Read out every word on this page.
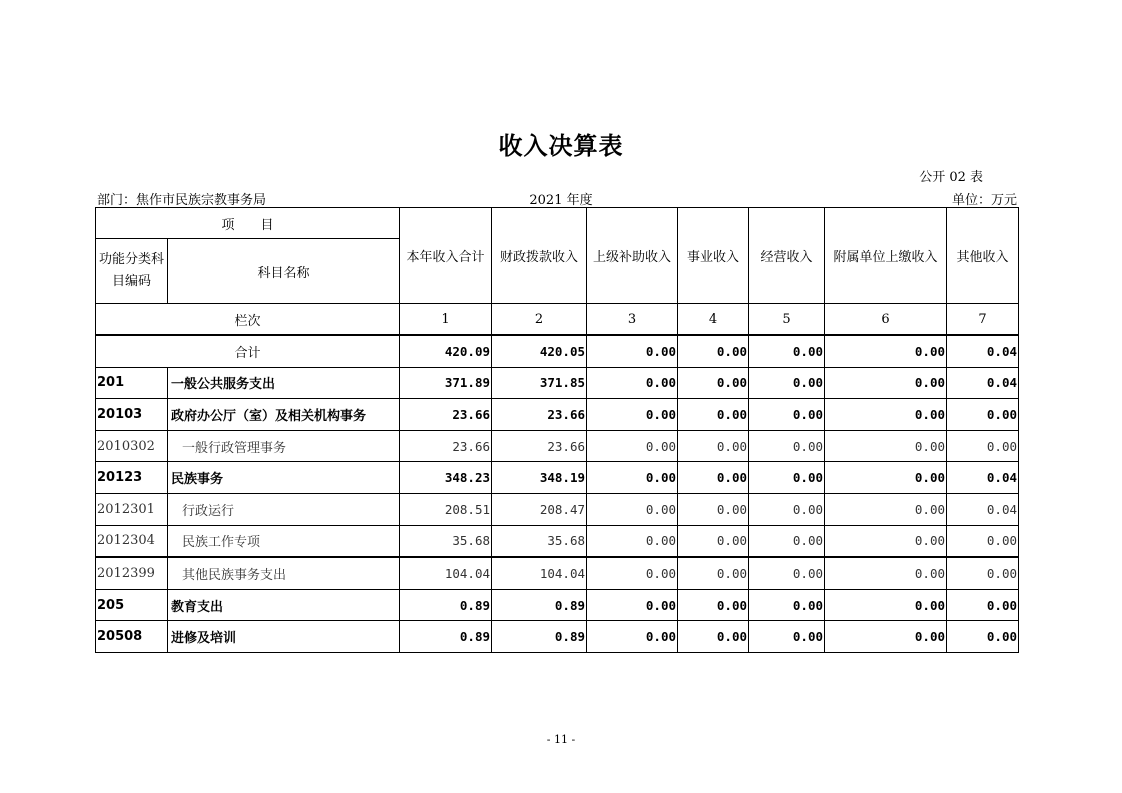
收入决算表
公开 02 表
部门：焦作市民族宗教事务局	2021 年度	单位：万元
项　　目		本年收入合计	财政拨款收入	上级补助收入	事业收入	经营收入	附属单位上缴收入	其他收入
功能分类科目编码	科目名称							
栏次		1	2	3	4	5	6	7
合计		420.09	420.05	0.00	0.00	0.00	0.00	0.04
201	一般公共服务支出	371.89	371.85	0.00	0.00	0.00	0.00	0.04
20103	政府办公厅（室）及相关机构事务	23.66	23.66	0.00	0.00	0.00	0.00	0.00
2010302	一般行政管理事务	23.66	23.66	0.00	0.00	0.00	0.00	0.00
20123	民族事务	348.23	348.19	0.00	0.00	0.00	0.00	0.04
2012301	行政运行	208.51	208.47	0.00	0.00	0.00	0.00	0.04
2012304	民族工作专项	35.68	35.68	0.00	0.00	0.00	0.00	0.00
2012399	其他民族事务支出	104.04	104.04	0.00	0.00	0.00	0.00	0.00
205	教育支出	0.89	0.89	0.00	0.00	0.00	0.00	0.00
20508	进修及培训	0.89	0.89	0.00	0.00	0.00	0.00	0.00
- 11 -
